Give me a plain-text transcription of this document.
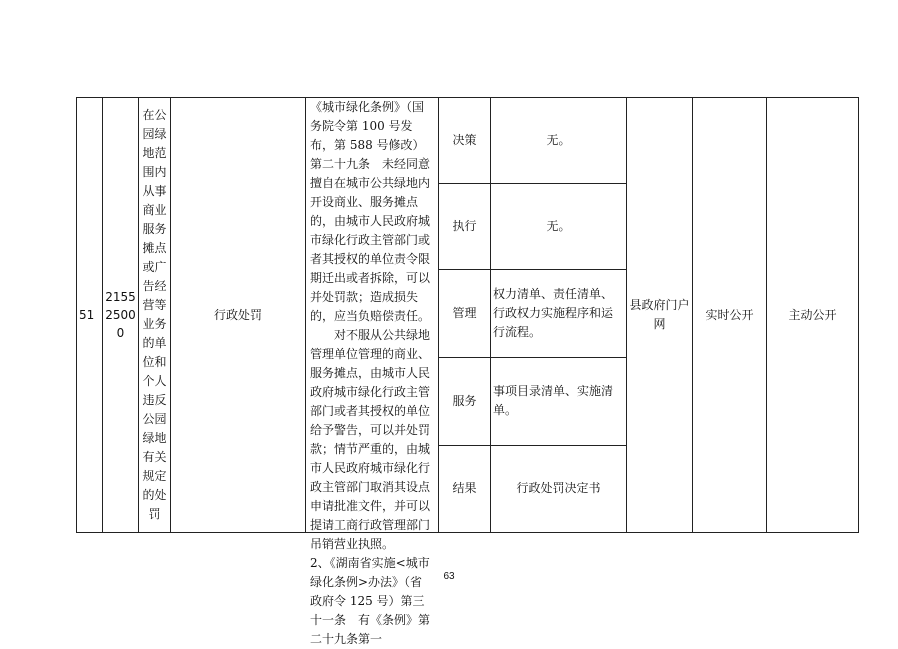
51	215525000	在公园绿地范围内从事商业服务摊点或广告经营等业务的单位和个人违反公园绿地有关规定的处罚	行政处罚	《城市绿化条例》（国务院令第 100 号发布，第 588 号修改）第二十九条　未经同意擅自在城市公共绿地内开设商业、服务摊点的，由城市人民政府城市绿化行政主管部门或者其授权的单位责令限期迁出或者拆除，可以并处罚款；造成损失的，应当负赔偿责任。

对不服从公共绿地管理单位管理的商业、服务摊点，由城市人民政府城市绿化行政主管部门或者其授权的单位给予警告，可以并处罚款；情节严重的，由城市人民政府城市绿化行政主管部门取消其设点申请批准文件，并可以提请工商行政管理部门吊销营业执照。

2、《湖南省实施<城市绿化条例>办法》（省政府令 125 号）第三十一条　有《条例》第二十九条第一	决策	无。	县政府门户网	实时公开	主动公开
					执行	无。			
					管理	权力清单、责任清单、行政权力实施程序和运行流程。			
					服务	事项目录清单、实施清单。			
					结果	行政处罚决定书			
63
